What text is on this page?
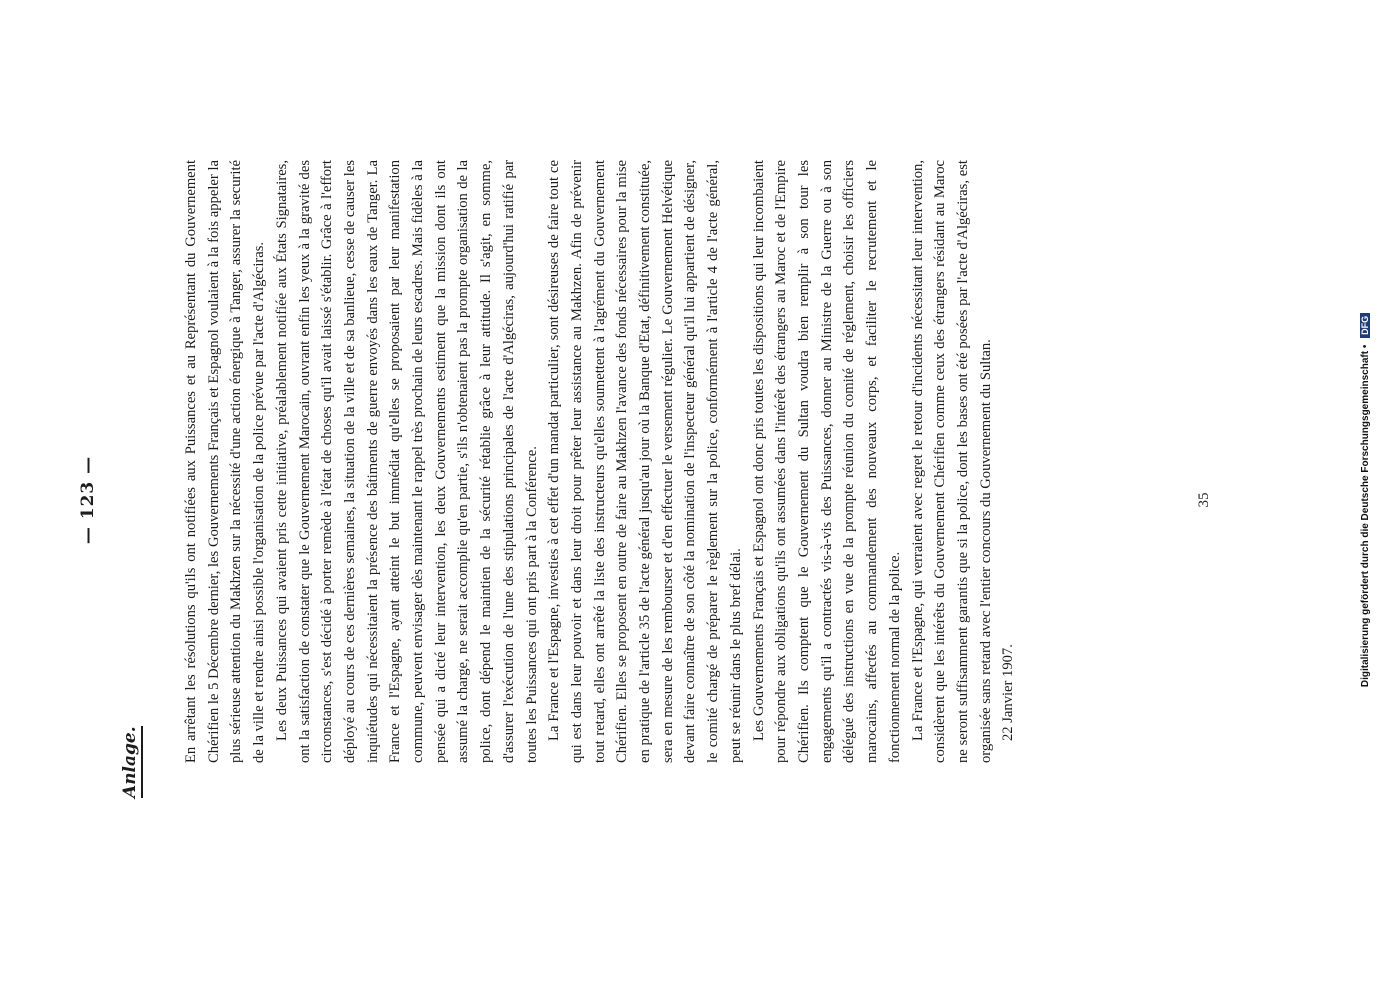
— 123 —
Anlage.	En arrêtant les résolutions qu'ils ont notifiées aux Puissances et au Représentant du Gouvernement Chérifien le 5 Décembre dernier, les Gouvernements Français et Espagnol voulaient à la fois appeler la plus sérieuse attention du Makhzen sur la nécessité d'une action énergique à Tanger, assurer la securité de la ville et rendre ainsi possible l'organisation de la police prévue par l'acte d'Algéciras. Les deux Puissances qui avaient pris cette initiative, préalablement notifiée aux États Signataires, ont la satisfaction de constater que le Gouvernement Marocain, ouvrant enfin les yeux à la gravité des circonstances, s'est décidé à porter remède à l'état de choses qu'il avait laissé s'établir. Grâce à l'effort déployé au cours de ces dernières semaines, la situation de la ville et de sa banlieue, cesse de causer les inquiétudes qui nécessitaient la présence des bâtiments de guerre envoyés dans les eaux de Tanger. La France et l'Espagne, ayant atteint le but immédiat qu'elles se proposaient par leur manifestation commune, peuvent envisager dès maintenant le rappel très prochain de leurs escadres. Mais fidèles à la pensée qui a dicté leur intervention, les deux Gouvernements estiment que la mission dont ils ont assumé la charge, ne serait accomplie qu'en partie, s'ils n'obtenaient pas la prompte organisation de la police, dont dépend le maintien de la sécurité rétablie grâce à leur attitude. Il s'agit, en somme, d'assurer l'exécution de l'une des stipulations principales de l'acte d'Algéciras, aujourd'hui ratifié par toutes les Puissances qui ont pris part à la Conférence. La France et l'Espagne, investies à cet effet d'un mandat particulier, sont désireuses de faire tout ce qui est dans leur pouvoir et dans leur droit pour prêter leur assistance au Makhzen. Afin de prévenir tout retard, elles ont arrêté la liste des instructeurs qu'elles soumettent à l'agrément du Gouvernement Chérifien. Elles se proposent en outre de faire au Makhzen l'avance des fonds nécessaires pour la mise en pratique de l'article 35 de l'acte général jusqu'au jour où la Banque d'Etat, définitivement constituée, sera en mesure de les rembourser et d'en effectuer le versement régulier. Le Gouvernement Helvétique devant faire connaître de son côté la nomination de l'inspecteur général qu'il lui appartient de désigner, le comité chargé de préparer le règlement sur la police, conformément à l'article 4 de l'acte général, peut se réunir dans le plus bref délai. Les Gouvernements Français et Espagnol ont donc pris toutes les dispositions qui leur incombaient pour répondre aux obligations qu'ils ont assumées dans l'intérêt des étrangers au Maroc et de l'Empire Chérifien. Ils comptent que le Gouvernement du Sultan voudra bien remplir à son tour les engagements qu'il a contractés vis-à-vis des Puissances, donner au Ministre de la Guerre ou à son délégué des instructions en vue de la prompte réunion du comité de réglement, choisir les officiers marocains, affectés au commandement des nouveaux corps, et faciliter le recrutement et le fonctionnement normal de la police. La France et l'Espagne, qui verraient avec regret le retour d'incidents nécessitant leur intervention, considèrent que les intérêts du Gouvernement Chérifien comme ceux des étrangers résidant au Maroc ne seront suffisamment garantis que si la police, dont les bases ont été posées par l'acte d'Algéciras, est organisée sans retard avec l'entier concours du Gouvernement du Sultan. 22 Janvier 1907.

35	Digitalisierung gefördert durch die Deutsche Forschungsgemeinschaft • DFG
